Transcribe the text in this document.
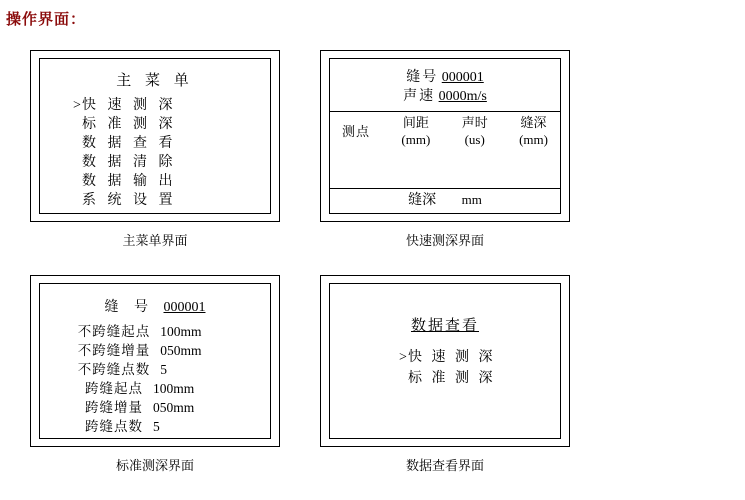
操作界面：
主 菜 单
> 快 速 测 深
标 准 测 深
数 据 查 看
数 据 清 除
数 据 输 出
系 统 设 置
主菜单界面
缝号 000001
声速 0000m/s
测点
间距
(mm)
声时
(us)
缝深
(mm)
缝深 mm
快速测深界面
缝 号 000001
不跨缝起点 100mm
不跨缝增量 050mm
不跨缝点数 5
跨缝起点 100mm
跨缝增量 050mm
跨缝点数 5
标准测深界面
数据查看
> 快 速 测 深
标 准 测 深
数据查看界面
